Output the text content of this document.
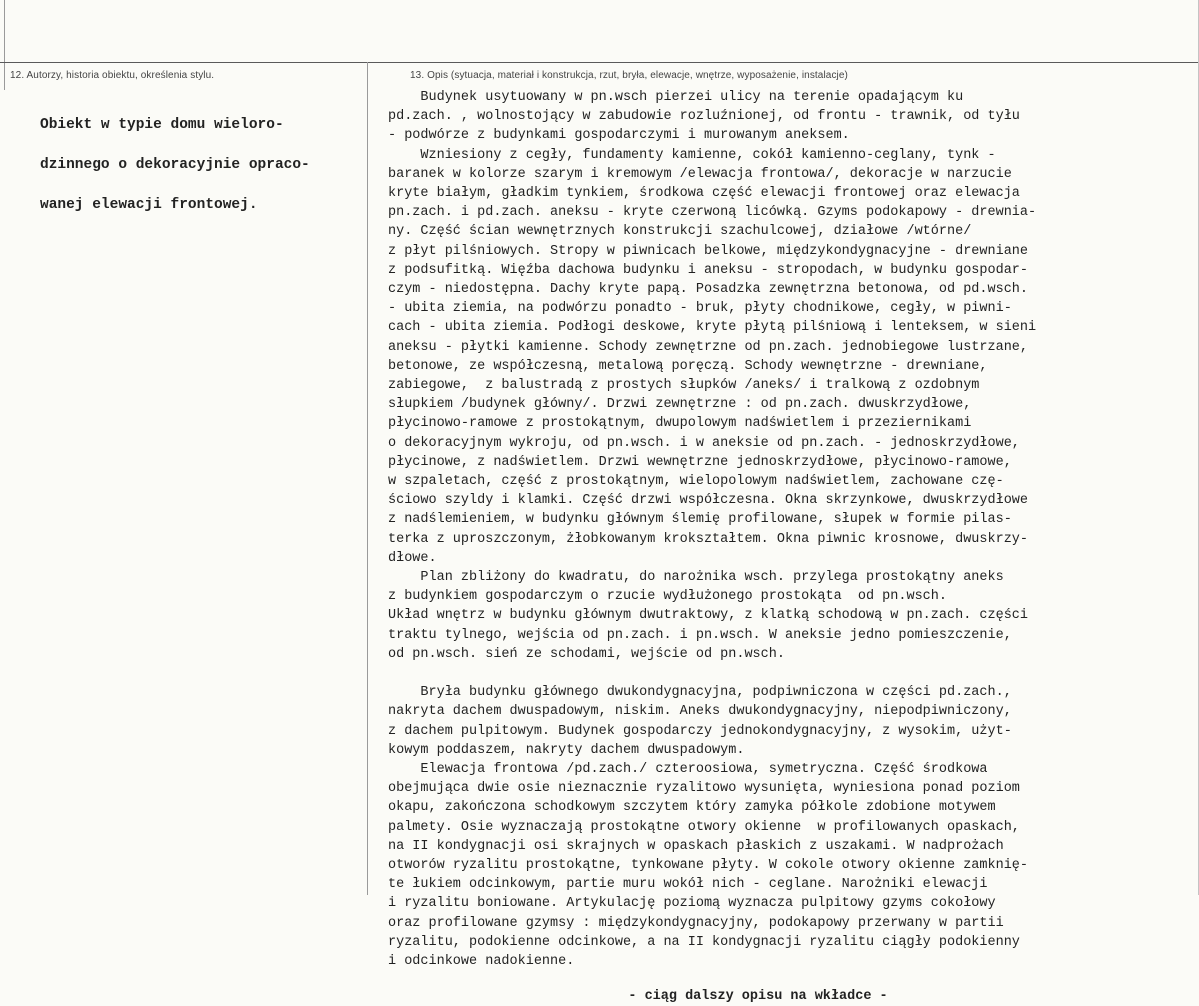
12. Autorzy, historia obiektu, określenia stylu.	13. Opis (sytuacja, materiał i konstrukcja, rzut, bryła, elewacje, wnętrze, wyposażenie, instalacje)

Obiekt w typie domu wieloro-

dzinnego o dekoracyjnie oprac​o-

wanej elewacji frontowej.

Budynek usytuowany w pn.wsch pierzei ulicy na terenie opadającym ku
pd.zach. , wolnostojący w zabudowie rozluźnionej, od frontu - trawnik, od tyłu
- podwórze z budynkami gospodarczymi i murowanym aneksem.
Wzniesiony z cegły, fundamenty kamienne, cokół kamienno-ceglany, tynk -
baranek w kolorze szarym i kremowym /elewacja frontowa/, dekoracje w narzucie
kryte białym, gładkim tynkiem, środkowa część elewacji frontowej oraz elewacja
pn.zach. i pd.zach. aneksu - kryte czerwoną licówką. Gzyms podokapowy - drewnia-
ny. Część ścian wewnętrznych konstrukcji szachulcowej, działowe /wtórne/
z płyt pilśniowych. Stropy w piwnicach belkowe, międzykondygnacyjne - drewniane
z podsufitką. Więźba dachowa budynku i aneksu - stropodach, w budynku gospodar-
czym - niedostępna. Dachy kryte papą. Posadzka zewnętrzna betonowa, od pd.wsch.
- ubita ziemia, na podwórzu ponadto - bruk, płyty chodnikowe, cegły, w piwni-
cach - ubita ziemia. Podłogi deskowe, kryte płytą pilśniową i lenteksem, w sieni
aneksu - płytki kamienne. Schody zewnętrzne od pn.zach. jednobiegowe lustrzane,
betonowe, ze współczesną, metalową poręczą. Schody wewnętrzne - drewniane,
zabiegowe,  z balustradą z prostych słupków /aneks/ i tralkową z ozdobnym
słupkiem /budynek główny/. Drzwi zewnętrzne : od pn.zach. dwuskrzydłowe,
płycinowo-ramowe z prostokątnym, dwupolowym nadświetlem i przeziernikami
o dekoracyjnym wykroju, od pn.wsch. i w aneksie od pn.zach. - jednoskrzydłowe,
płycinowe, z nadświetlem. Drzwi wewnętrzne jednoskrzydłowe, płycinowo-ramowe,
w szpaletach, część z prostokątnym, wielopolowym nadświetlem, zachowane czę-
ściowo szyldy i klamki. Część drzwi współczesna. Okna skrzynkowe, dwuskrzydłowe
z nadślemieniem, w budynku głównym ślemię profilowane, słupek w formie pilas-
terka z uproszczonym, żłobkowanym krokształtem. Okna piwnic krosnowe, dwuskrzy-
dłowe.
Plan zbliżony do kwadratu, do narożnika wsch. przylega prostokątny aneks
z budynkiem gospodarczym o rzucie wydłużonego prostokąta  od pn.wsch.
Układ wnętrz w budynku głównym dwutraktowy, z klatką schodową w pn.zach. części
traktu tylnego, wejścia od pn.zach. i pn.wsch. W aneksie jedno pomieszczenie,
od pn.wsch. sień ze schodami, wejście od pn.wsch.
Bryła budynku głównego dwukondygnacyjna, podpiwniczona w części pd.zach.,
nakryta dachem dwuspadowym, niskim. Aneks dwukondygnacyjny, niepodpiwniczony,
z dachem pulpitowym. Budynek gospodarczy jednokondygnacyjny, z wysokim, użyt-
kowym poddaszem, nakryty dachem dwuspadowym.
Elewacja frontowa /pd.zach./ czteroosiowa, symetryczna. Część środkowa
obejmująca dwie osie nieznacznie ryzalitowo wysunięta, wyniesiona ponad poziom
okapu, zakończona schodkowym szczytem który zamyka półkole zdobione motywem
palmety. Osie wyznaczają prostokątne otwory okienne  w profilowanych opaskach,
na II kondygnacji osi skrajnych w opaskach płaskich z uszakami. W nadprożach
otworów ryzalitu prostokątne, tynkowane płyty. W cokole otwory okienne zamknię-
te łukiem odcinkowym, partie muru wokół nich - ceglane. Narożniki elewacji
i ryzalitu boniowane. Artykulację poziomą wyznacza pulpitowy gzyms cokołowy
oraz profilowane gzymsy : międzykondygnacyjny, podokapowy przerwany w partii
ryzalitu, podokienne odcinkowe, a na II kondygnacji ryzalitu ciągły podokienny
i odcinkowe nadokienne.
- ciąg dalszy opisu na wkładce -
